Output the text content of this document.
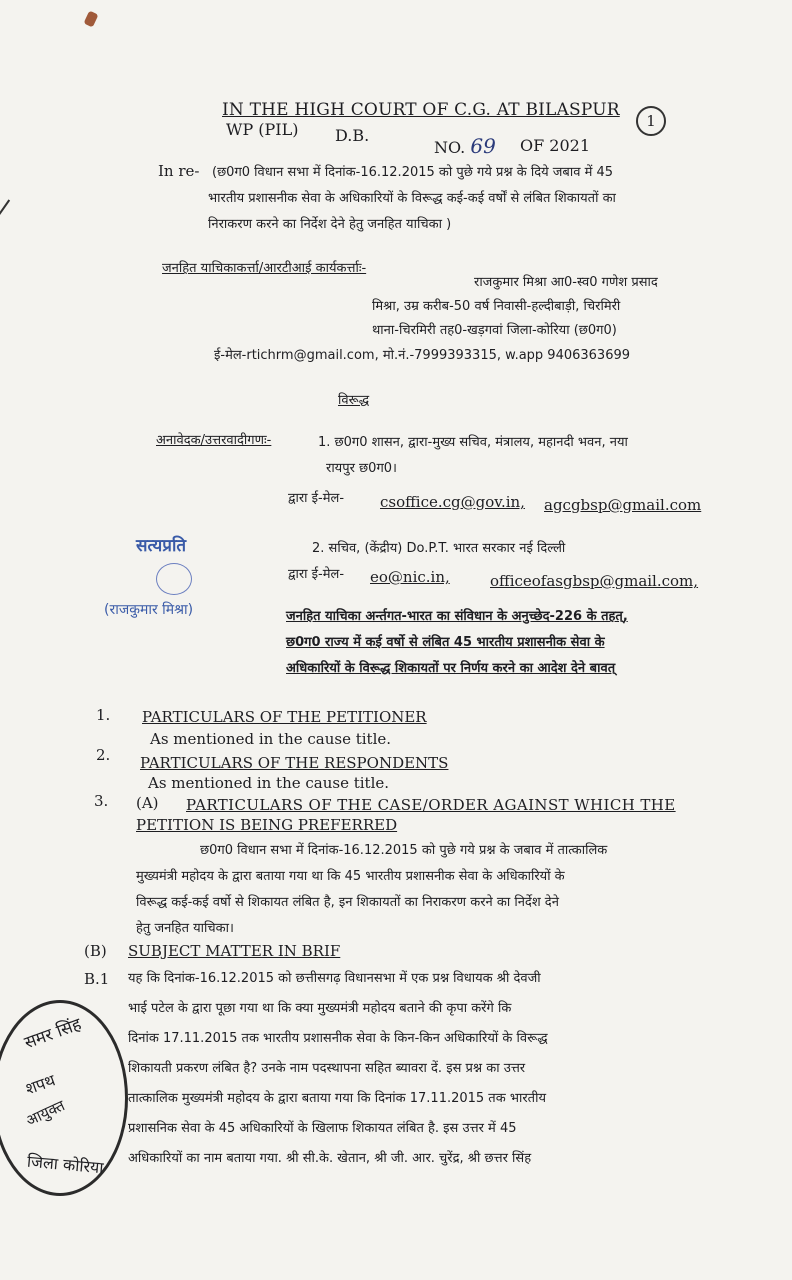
IN THE HIGH COURT OF C.G. AT BILASPUR
WP (PIL) D.B.
NO. 69 OF 2021
1
In re- (छ0ग0 विधान सभा में दिनांक-16.12.2015 को पुछे गये प्रश्न के दिये जबाव में 45
भारतीय प्रशासनीक सेवा के अधिकारियों के विरूद्ध कई-कई वर्षों से लंबित शिकायतों का
निराकरण करने का निर्देश देने हेतु जनहित याचिका )
जनहित याचिकाकर्त्ता/आरटीआई कार्यकर्त्ताः-
राजकुमार मिश्रा आ0-स्व0 गणेश प्रसाद
मिश्रा, उम्र करीब-50 वर्ष निवासी-हल्दीबाड़ी, चिरमिरी
थाना-चिरमिरी तह0-खड़गवां जिला-कोरिया (छ0ग0)
ई-मेल-rtichrm@gmail.com, मो.नं.-7999393315, w.app 9406363699
विरूद्ध
अनावेदक/उत्तरवादीगणः-	1. छ0ग0 शासन, द्वारा-मुख्य सचिव, मंत्रालय, महानदी भवन, नया
रायपुर छ0ग0।
द्वारा ई-मेल- csoffice.cg@gov.in, agcgbsp@gmail.com
2. सचिव, (केंद्रीय) Do.P.T. भारत सरकार नई दिल्ली
द्वारा ई-मेल- eo@nic.in,	officeofasgbsp@gmail.com,
सत्यप्रति
(राजकुमार मिश्रा)	जनहित याचिका अर्न्तगत-भारत का संविधान के अनुच्छेद-226 के तहत्,
छ0ग0 राज्य में कई वर्षो से लंबित 45 भारतीय प्रशासनीक सेवा के
अधिकारियों के विरूद्ध शिकायतों पर निर्णय करने का आदेश देने बावत्
1. PARTICULARS OF THE PETITIONER
As mentioned in the cause title.
2. PARTICULARS OF THE RESPONDENTS
As mentioned in the cause title.
3. (A) PARTICULARS OF THE CASE/ORDER AGAINST WHICH THE
PETITION IS BEING PREFERRED
छ0ग0 विधान सभा में दिनांक-16.12.2015 को पुछे गये प्रश्न के जबाव में तात्कालिक
मुख्यमंत्री महोदय के द्वारा बताया गया था कि 45 भारतीय प्रशासनीक सेवा के अधिकारियों के
विरूद्ध कई-कई वर्षो से शिकायत लंबित है, इन शिकायतों का निराकरण करने का निर्देश देने
हेतु जनहित याचिका।
(B) SUBJECT MATTER IN BRIF
B.1 यह कि दिनांक-16.12.2015 को छत्तीसगढ़ विधानसभा में एक प्रश्न विधायक श्री देवजी
भाई पटेल के द्वारा पूछा गया था कि क्या मुख्यमंत्री महोदय बताने की कृपा करेंगे कि
दिनांक 17.11.2015 तक भारतीय प्रशासनीक सेवा के किन-किन अधिकारियों के विरूद्ध
शिकायती प्रकरण लंबित है? उनके नाम पदस्थापना सहित ब्यावरा दें. इस प्रश्न का उत्तर
तात्कालिक मुख्यमंत्री महोदय के द्वारा बताया गया कि दिनांक 17.11.2015 तक भारतीय
प्रशासनिक सेवा के 45 अधिकारियों के खिलाफ शिकायत लंबित है. इस उत्तर में 45
अधिकारियों का नाम बताया गया. श्री सी.के. खेतान, श्री जी. आर. चुरेंद्र, श्री छत्तर सिंह
समर सिंह
शपथ
आयुक्त
जिला कोरिया
